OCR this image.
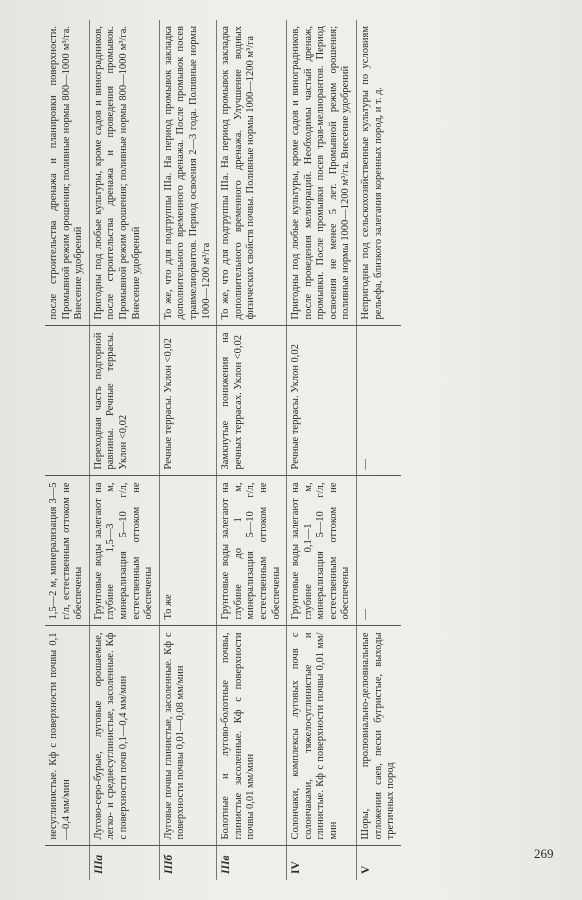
	несуглинистые. Кф с поверхности почвы 0,1—0,4 мм/мин	1,5—2 м, минерализация 3—5 г/л, естественным оттоком не обеспечены		после строительства дренажа и планировки поверхности. Промывной режим орошения; поливные нормы 800—1000 м³/га. Внесение удобрений
IIIа	Лугово-серо-бурые, луговые орошаемые, легко- и среднесуглинистые, засоленные. Кф с поверхности почв 0,1—0,4 мм/мин	Грунтовые воды залегают на глубине 1,5—3 м, минерализация 5—10 г/л, естественным оттоком не обеспечены	Переходная часть подгорной равнины. Речные террасы. Уклон <0,02	Пригодны под любые культуры, кроме садов и виноградников, после строительства дренажа и проведения промывок. Промывной режим орошения; поливные нормы 800—1000 м³/га. Внесение удобрений
IIIб	Луговые почвы глинистые, засоленные. Кф с поверхности почвы 0,01—0,08 мм/мин	То же	Речные террасы. Уклон <0,02	То же, что для подгруппы IIIа. На период промывок закладка дополнительного временного дренажа. После промывок посев травмелиорантов. Период освоения 2—3 года. Поливные нормы 1000—1200 м³/га
IIIв	Болотные и лугово-болотные почвы, глинистые засоленные. Кф с поверхности почвы 0,01 мм/мин	Грунтовые воды залегают на глубине до 1 м, минерализация 5—10 г/л, естественным оттоком не обеспечены	Замкнутые понижения на речных террасах. Уклон <0,02	То же, что для подгруппы IIIа. На период промывок закладка дополнительного временного дренажа. Улучшение водных физических свойств почвы. Поливные нормы 1000—1200 м³/га
IV	Солончаки, комплексы луговых почв с солончаками, тяжелосуглинистые и глинистые. Кф с поверхности почвы 0,01 мм/мин	Грунтовые воды залегают на глубине 0,1—1 м, минерализация 5—10 г/л, естественным оттоком не обеспечены	Речные террасы. Уклон 0,02	Пригодны под любые культуры, кроме садов и виноградников, после проведения мелиораций. Необходимы частый дренаж, промывки. После промывки посев трав-мелиорантов. Период освоения не менее 5 лет. Промывной режим орошения; поливные нормы 1000—1200 м³/га. Внесение удобрений
V	Шоры, пролювиально-делювиальные отложения саев, пески бугристые, выходы третичных пород	—	—	Непригодны под сельскохозяйственные культуры по условиям рельефа, близкого залегания коренных пород, и т. д.
269
